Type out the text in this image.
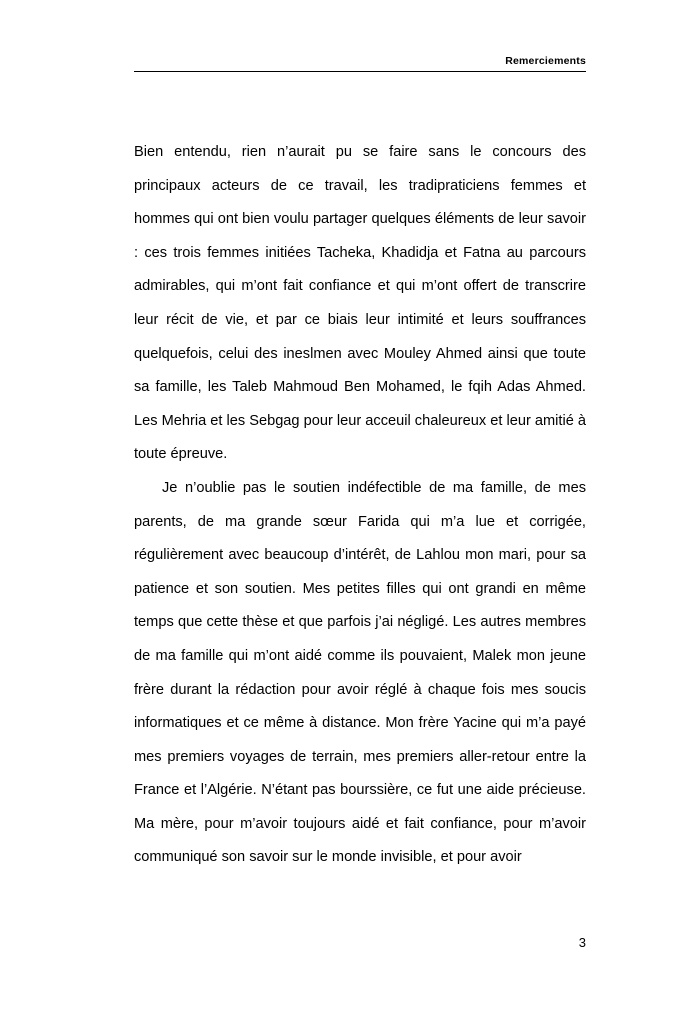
Remerciements

Bien entendu, rien n’aurait pu se faire sans le concours des principaux acteurs de ce travail, les tradipraticiens femmes et hommes qui ont bien voulu partager quelques éléments de leur savoir : ces trois femmes initiées Tacheka, Khadidja et Fatna au parcours admirables, qui m’ont fait confiance et qui m’ont offert de transcrire leur récit de vie, et par ce biais leur intimité et leurs souffrances quelquefois, celui des ineslmen avec Mouley Ahmed ainsi que toute sa famille, les Taleb Mahmoud Ben Mohamed, le fqih Adas Ahmed. Les Mehria et les Sebgag pour leur acceuil chaleureux et leur amitié à toute épreuve.

Je n’oublie pas le soutien indéfectible de ma famille, de mes parents, de ma grande sœur Farida qui m’a lue et corrigée, régulièrement avec beaucoup d’intérêt, de Lahlou mon mari, pour sa patience et son soutien. Mes petites filles qui ont grandi en même temps que cette thèse et que parfois j’ai négligé. Les autres membres de ma famille qui m’ont aidé comme ils pouvaient, Malek mon jeune frère durant la rédaction pour avoir réglé à chaque fois mes soucis informatiques et ce même à distance. Mon frère Yacine qui m’a payé mes premiers voyages de terrain, mes premiers aller-retour entre la France et l’Algérie. N’étant pas bourssière, ce fut une aide précieuse. Ma mère, pour m’avoir toujours aidé et fait confiance, pour m’avoir communiqué son savoir sur le monde invisible, et pour avoir

3
